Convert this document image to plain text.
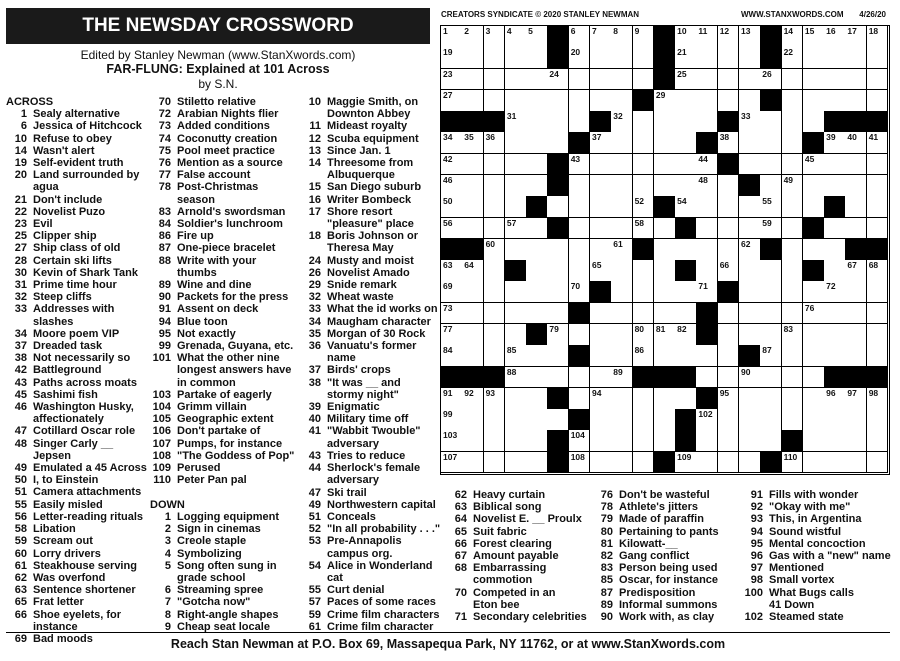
THE NEWSDAY CROSSWORD
Edited by Stanley Newman (www.StanXwords.com)
FAR-FLUNG: Explained at 101 Across
by S.N.
CREATORS SYNDICATE © 2020 STANLEY NEWMAN	WWW.STANXWORDS.COM 4/26/20
1 2 3 4 5	6 7 8 9	10 11 12 13	14 15 16 17 18
19	20	21	22
23	24	25	26
27	29
31	32	33
34 35 36	37	38	39 40 41
42	43	44	45
46	48	49
50	52	54	55
56	57	58	59
60	61	62
63 64	65	66	67 68
69	70	71	72
73	76
77	79	80 81 82	83
84	85	86	87
88	89	90
91 92 93	94	95	96 97 98
99	102
103	104
107	108	109	110
ACROSS
1 Sealy alternative
6 Jessica of Hitchcock
10 Refuse to obey
14 Wasn't alert
19 Self-evident truth
20 Land surrounded by
agua
21 Don't include
22 Novelist Puzo
23 Evil
25 Clipper ship
27 Ship class of old
28 Certain ski lifts
30 Kevin of Shark Tank
31 Prime time hour
32 Steep cliffs
33 Addresses with
slashes
34 Moore poem VIP
37 Dreaded task
38 Not necessarily so
42 Battleground
43 Paths across moats
45 Sashimi fish
46 Washington Husky,
affectionately
47 Cotillard Oscar role
48 Singer Carly __ Jepsen
49 Emulated a 45 Across
50 I, to Einstein
51 Camera attachments
55 Easily misled
56 Letter-reading rituals
58 Libation
59 Scream out
60 Lorry drivers
61 Steakhouse serving
62 Was overfond
63 Sentence shortener
65 Frat letter
66 Shoe eyelets, for
instance
69 Bad moods
70 Stiletto relative
72 Arabian Nights flier
73 Added conditions
74 Coconutty creation
75 Pool meet practice
76 Mention as a source
77 False account
78 Post-Christmas
season
83 Arnold's swordsman
84 Soldier's lunchroom
86 Fire up
87 One-piece bracelet
88 Write with your
thumbs
89 Wine and dine
90 Packets for the press
91 Assent on deck
94 Blue toon
95 Not exactly
99 Grenada, Guyana, etc.
101 What the other nine
longest answers have
in common
103 Partake of eagerly
104 Grimm villain
105 Geographic extent
106 Don't partake of
107 Pumps, for instance
108 "The Goddess of Pop"
109 Perused
110 Peter Pan pal

DOWN
1 Logging equipment
2 Sign in cinemas
3 Creole staple
4 Symbolizing
5 Song often sung in
grade school
6 Streaming spree
7 "Gotcha now"
8 Right-angle shapes
9 Cheap seat locale
10 Maggie Smith, on
Downton Abbey
11 Mideast royalty
12 Scuba equipment
13 Since Jan. 1
14 Threesome from
Albuquerque
15 San Diego suburb
16 Writer Bombeck
17 Shore resort
"pleasure" place
18 Boris Johnson or
Theresa May
24 Musty and moist
26 Novelist Amado
29 Snide remark
32 Wheat waste
33 What the id works on
34 Maugham character
35 Morgan of 30 Rock
36 Vanuatu's former
name
37 Birds' crops
38 "It was __ and
stormy night"
39 Enigmatic
40 Military time off
41 "Wabbit Twouble"
adversary
43 Tries to reduce
44 Sherlock's female
adversary
47 Ski trail
49 Northwestern capital
51 Conceals
52 "In all probability . . ."
53 Pre-Annapolis
campus org.
54 Alice in Wonderland
cat
55 Curt denial
57 Paces of some races
59 Crime film characters
61 Crime film character
62 Heavy curtain
63 Biblical song
64 Novelist E. __ Proulx
65 Suit fabric
66 Forest clearing
67 Amount payable
68 Embarrassing
commotion
70 Competed in an
Eton bee
71 Secondary celebrities
76 Don't be wasteful
78 Athlete's jitters
79 Made of paraffin
80 Pertaining to pants
81 Kilowatt-__
82 Gang conflict
83 Person being used
85 Oscar, for instance
87 Predisposition
89 Informal summons
90 Work with, as clay
91 Fills with wonder
92 "Okay with me"
93 This, in Argentina
94 Sound wistful
95 Mental concoction
96 Gas with a "new" name
97 Mentioned
98 Small vortex
100 What Bugs calls
41 Down
102 Steamed state
Reach Stan Newman at P.O. Box 69, Massapequa Park, NY 11762, or at www.StanXwords.com
